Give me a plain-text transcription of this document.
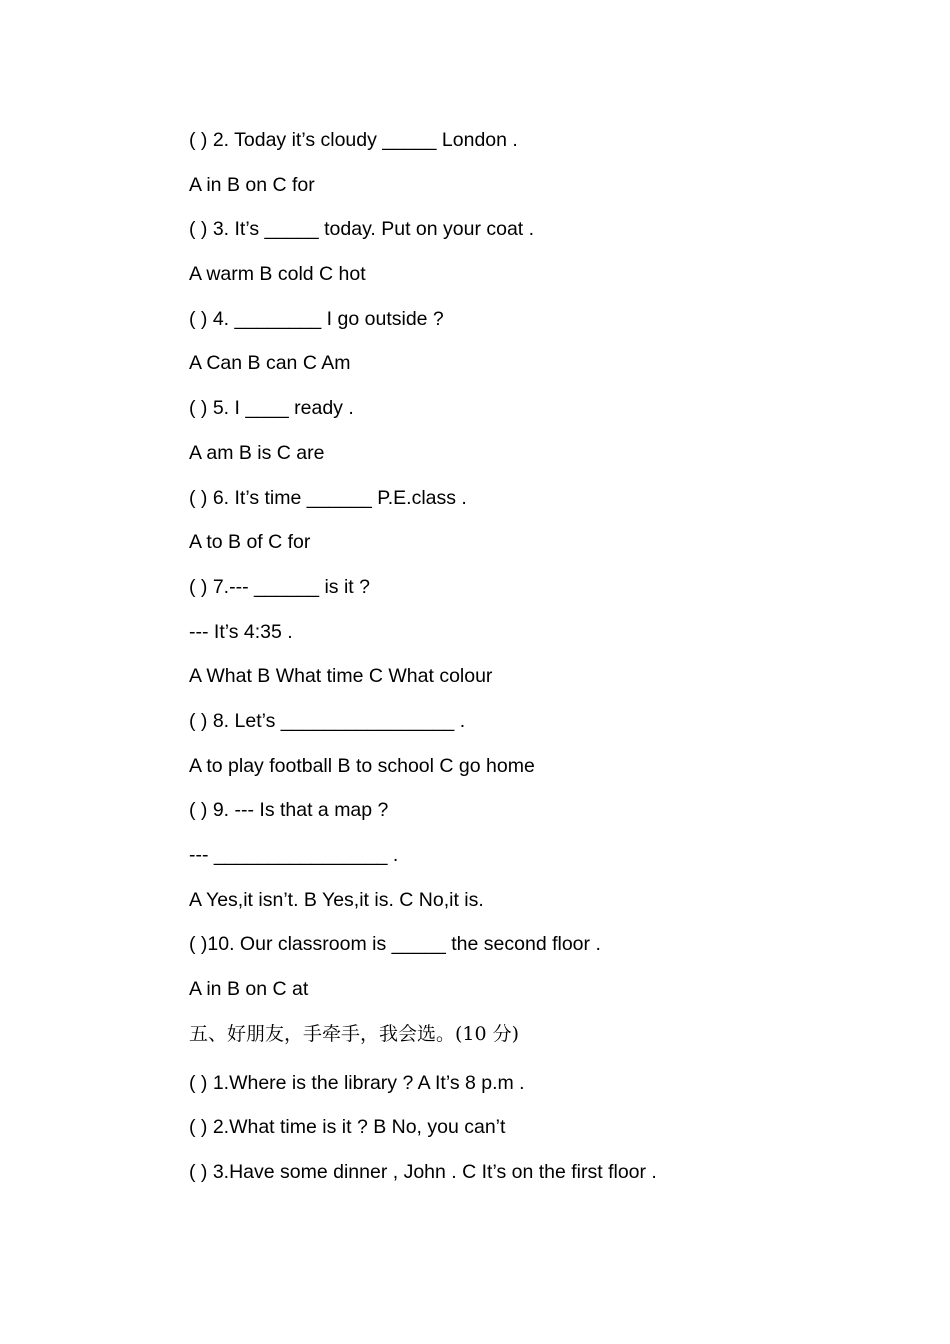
( ) 2. Today it’s cloudy _____ London .
A in B on C for
( ) 3. It’s _____ today. Put on your coat .
A warm B cold C hot
( ) 4. ________ I go outside ?
A Can B can C Am
( ) 5. I ____ ready .
A am B is C are
( ) 6. It’s time ______ P.E.class .
A to B of C for
( ) 7.--- ______ is it ?
--- It’s 4:35 .
A What B What time C What colour
( ) 8. Let’s ________________ .
A to play football B to school C go home
( ) 9. --- Is that a map ?
--- ________________ .
A Yes,it isn’t. B Yes,it is. C No,it is.
( )10. Our classroom is _____ the second floor .
A in B on C at
五、好朋友，手牵手，我会选。(10 分)
( ) 1.Where is the library ? A It’s 8 p.m .
( ) 2.What time is it ? B No, you can’t
( ) 3.Have some dinner , John . C It’s on the first floor .
